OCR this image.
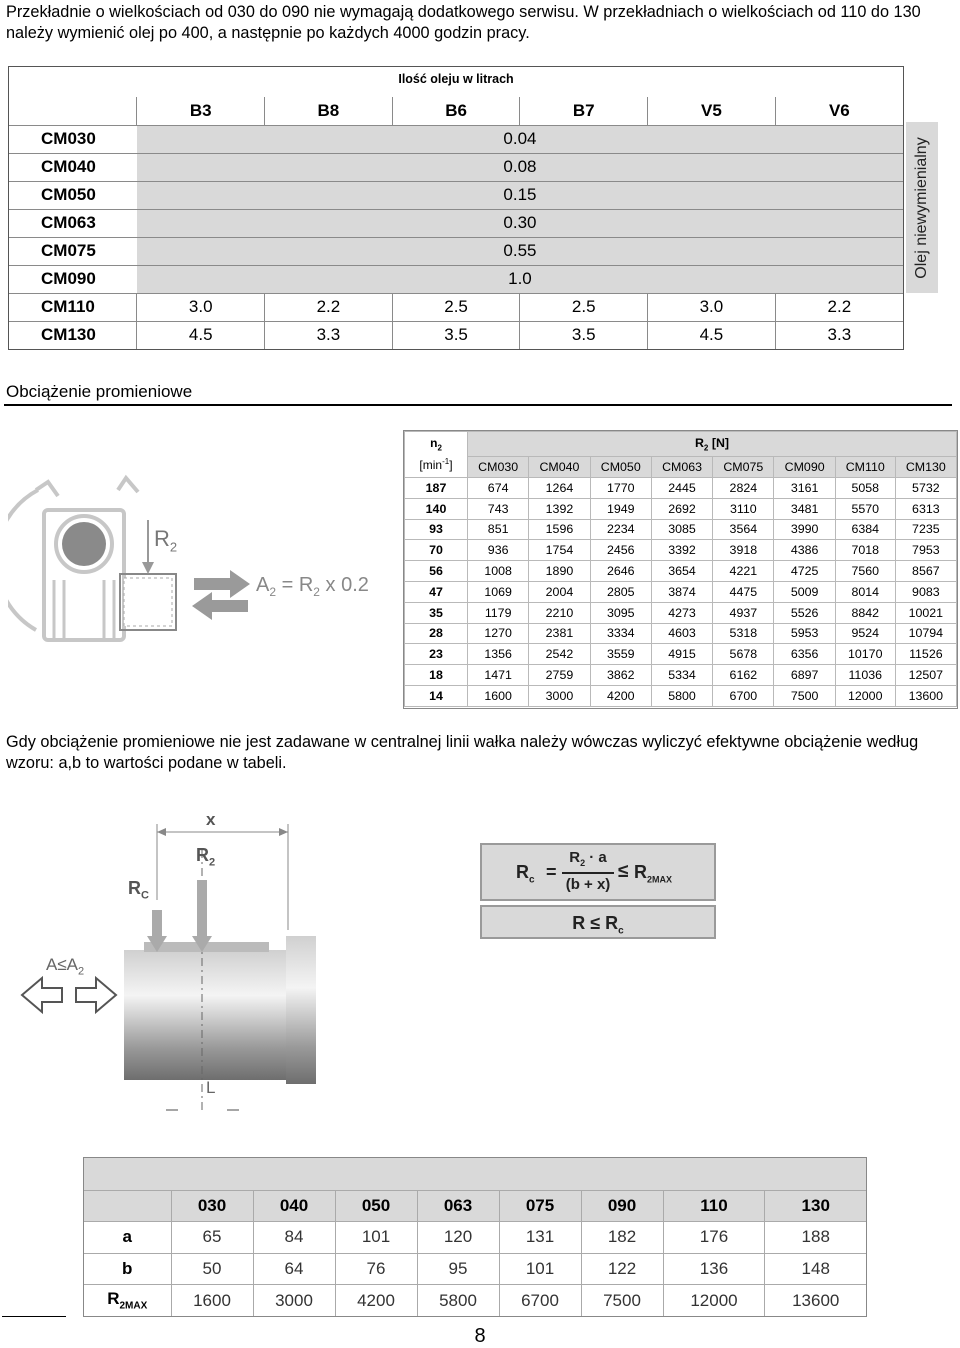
Przekładnie o wielkościach od 030 do 090 nie wymagają dodatkowego serwisu. W przekładniach o wielkościach od 110 do 130 należy wymienić olej po 400, a następnie po każdych 4000 godzin pracy.
	B3	B8	B6	B7	V5	V6
CM030	0.04					
CM040	0.08					
CM050	0.15					
CM063	0.30					
CM075	0.55					
CM090	1.0					
CM110	3.0	2.2	2.5	2.5	3.0	2.2
CM130	4.5	3.3	3.5	3.5	4.5	3.3
Ilość oleju w litrach
Olej niewymienialny
Obciążenie promieniowe
$R_2$
$A_2 = R_2$ x 0.2
$n_2$
$[\min^{-1}]$	$R_2$ [N]							
	CM030	CM040	CM050	CM063	CM075	CM090	CM110	CM130
187	674	1264	1770	2445	2824	3161	5058	5732
140	743	1392	1949	2692	3110	3481	5570	6313
93	851	1596	2234	3085	3564	3990	6384	7235
70	936	1754	2456	3392	3918	4386	7018	7953
56	1008	1890	2646	3654	4221	4725	7560	8567
47	1069	2004	2805	3874	4475	5009	8014	9083
35	1179	2210	3095	4273	4937	5526	8842	10021
28	1270	2381	3334	4603	5318	5953	9524	10794
23	1356	2542	3559	4915	5678	6356	10170	11526
18	1471	2759	3862	5334	6162	6897	11036	12507
14	1600	3000	4200	5800	6700	7500	12000	13600
Gdy obciążenie promieniowe nie jest zadawane w centralnej linii wałka należy wówczas wyliczyć efektywne obciążenie według wzoru: a,b to wartości podane w tabeli.
x
$R_2$
$R_C$
$A\le A_2$
L
$R_c$ =
$R_2 \cdot a$
(b + x)
≤ $R_{2MAX}$
$R \le R_c$

	030	040	050	063	075	090	110	130
a	65	84	101	120	131	182	176	188
b	50	64	76	95	101	122	136	148
$R_{2MAX}$	1600	3000	4200	5800	6700	7500	12000	13600
8
